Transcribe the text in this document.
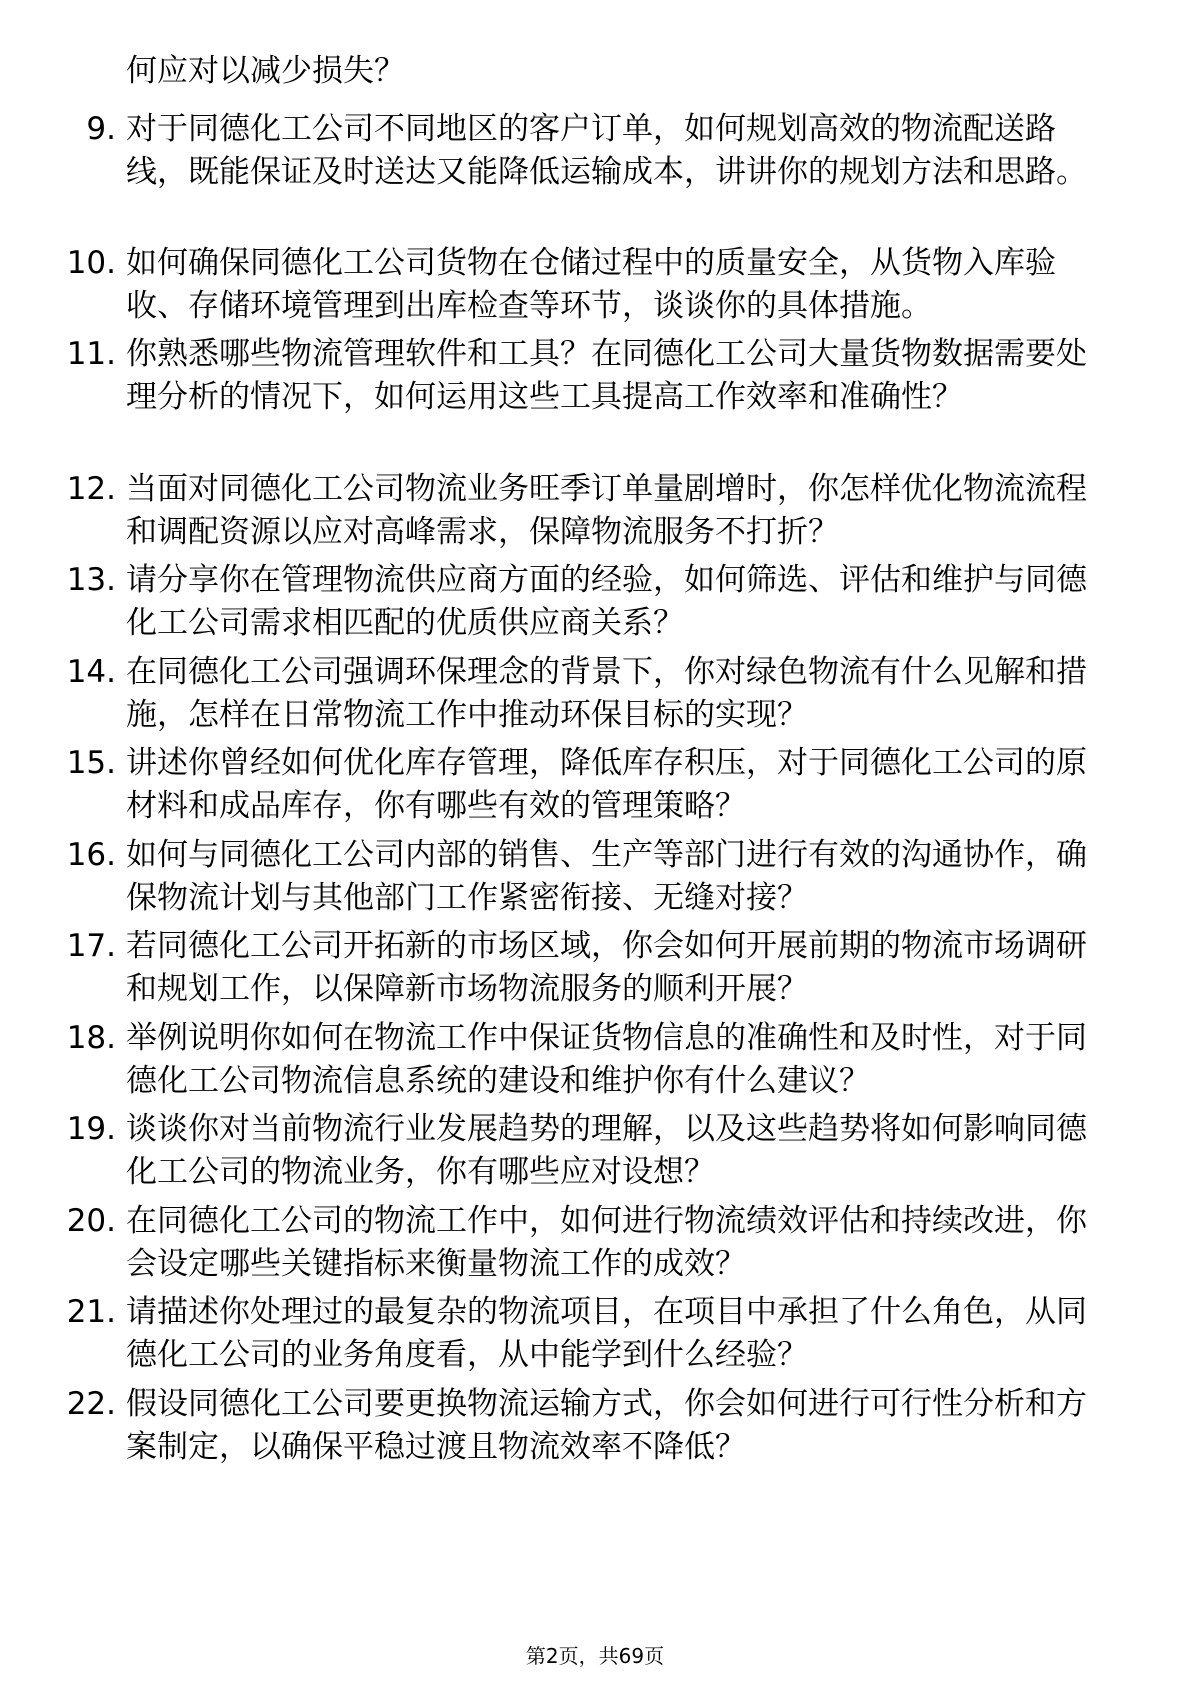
何应对以减少损失？
9. 对于同德化工公司不同地区的客户订单，如何规划高效的物流配送路线，既能保证及时送达又能降低运输成本，讲讲你的规划方法和思路。
10. 如何确保同德化工公司货物在仓储过程中的质量安全，从货物入库验收、存储环境管理到出库检查等环节，谈谈你的具体措施。
11. 你熟悉哪些物流管理软件和工具？在同德化工公司大量货物数据需要处理分析的情况下，如何运用这些工具提高工作效率和准确性？
12. 当面对同德化工公司物流业务旺季订单量剧增时，你怎样优化物流流程和调配资源以应对高峰需求，保障物流服务不打折？
13. 请分享你在管理物流供应商方面的经验，如何筛选、评估和维护与同德化工公司需求相匹配的优质供应商关系？
14. 在同德化工公司强调环保理念的背景下，你对绿色物流有什么见解和措施，怎样在日常物流工作中推动环保目标的实现？
15. 讲述你曾经如何优化库存管理，降低库存积压，对于同德化工公司的原材料和成品库存，你有哪些有效的管理策略？
16. 如何与同德化工公司内部的销售、生产等部门进行有效的沟通协作，确保物流计划与其他部门工作紧密衔接、无缝对接？
17. 若同德化工公司开拓新的市场区域，你会如何开展前期的物流市场调研和规划工作，以保障新市场物流服务的顺利开展？
18. 举例说明你如何在物流工作中保证货物信息的准确性和及时性，对于同德化工公司物流信息系统的建设和维护你有什么建议？
19. 谈谈你对当前物流行业发展趋势的理解，以及这些趋势将如何影响同德化工公司的物流业务，你有哪些应对设想？
20. 在同德化工公司的物流工作中，如何进行物流绩效评估和持续改进，你会设定哪些关键指标来衡量物流工作的成效？
21. 请描述你处理过的最复杂的物流项目，在项目中承担了什么角色，从同德化工公司的业务角度看，从中能学到什么经验？
22. 假设同德化工公司要更换物流运输方式，你会如何进行可行性分析和方案制定，以确保平稳过渡且物流效率不降低？
第2页，共69页
